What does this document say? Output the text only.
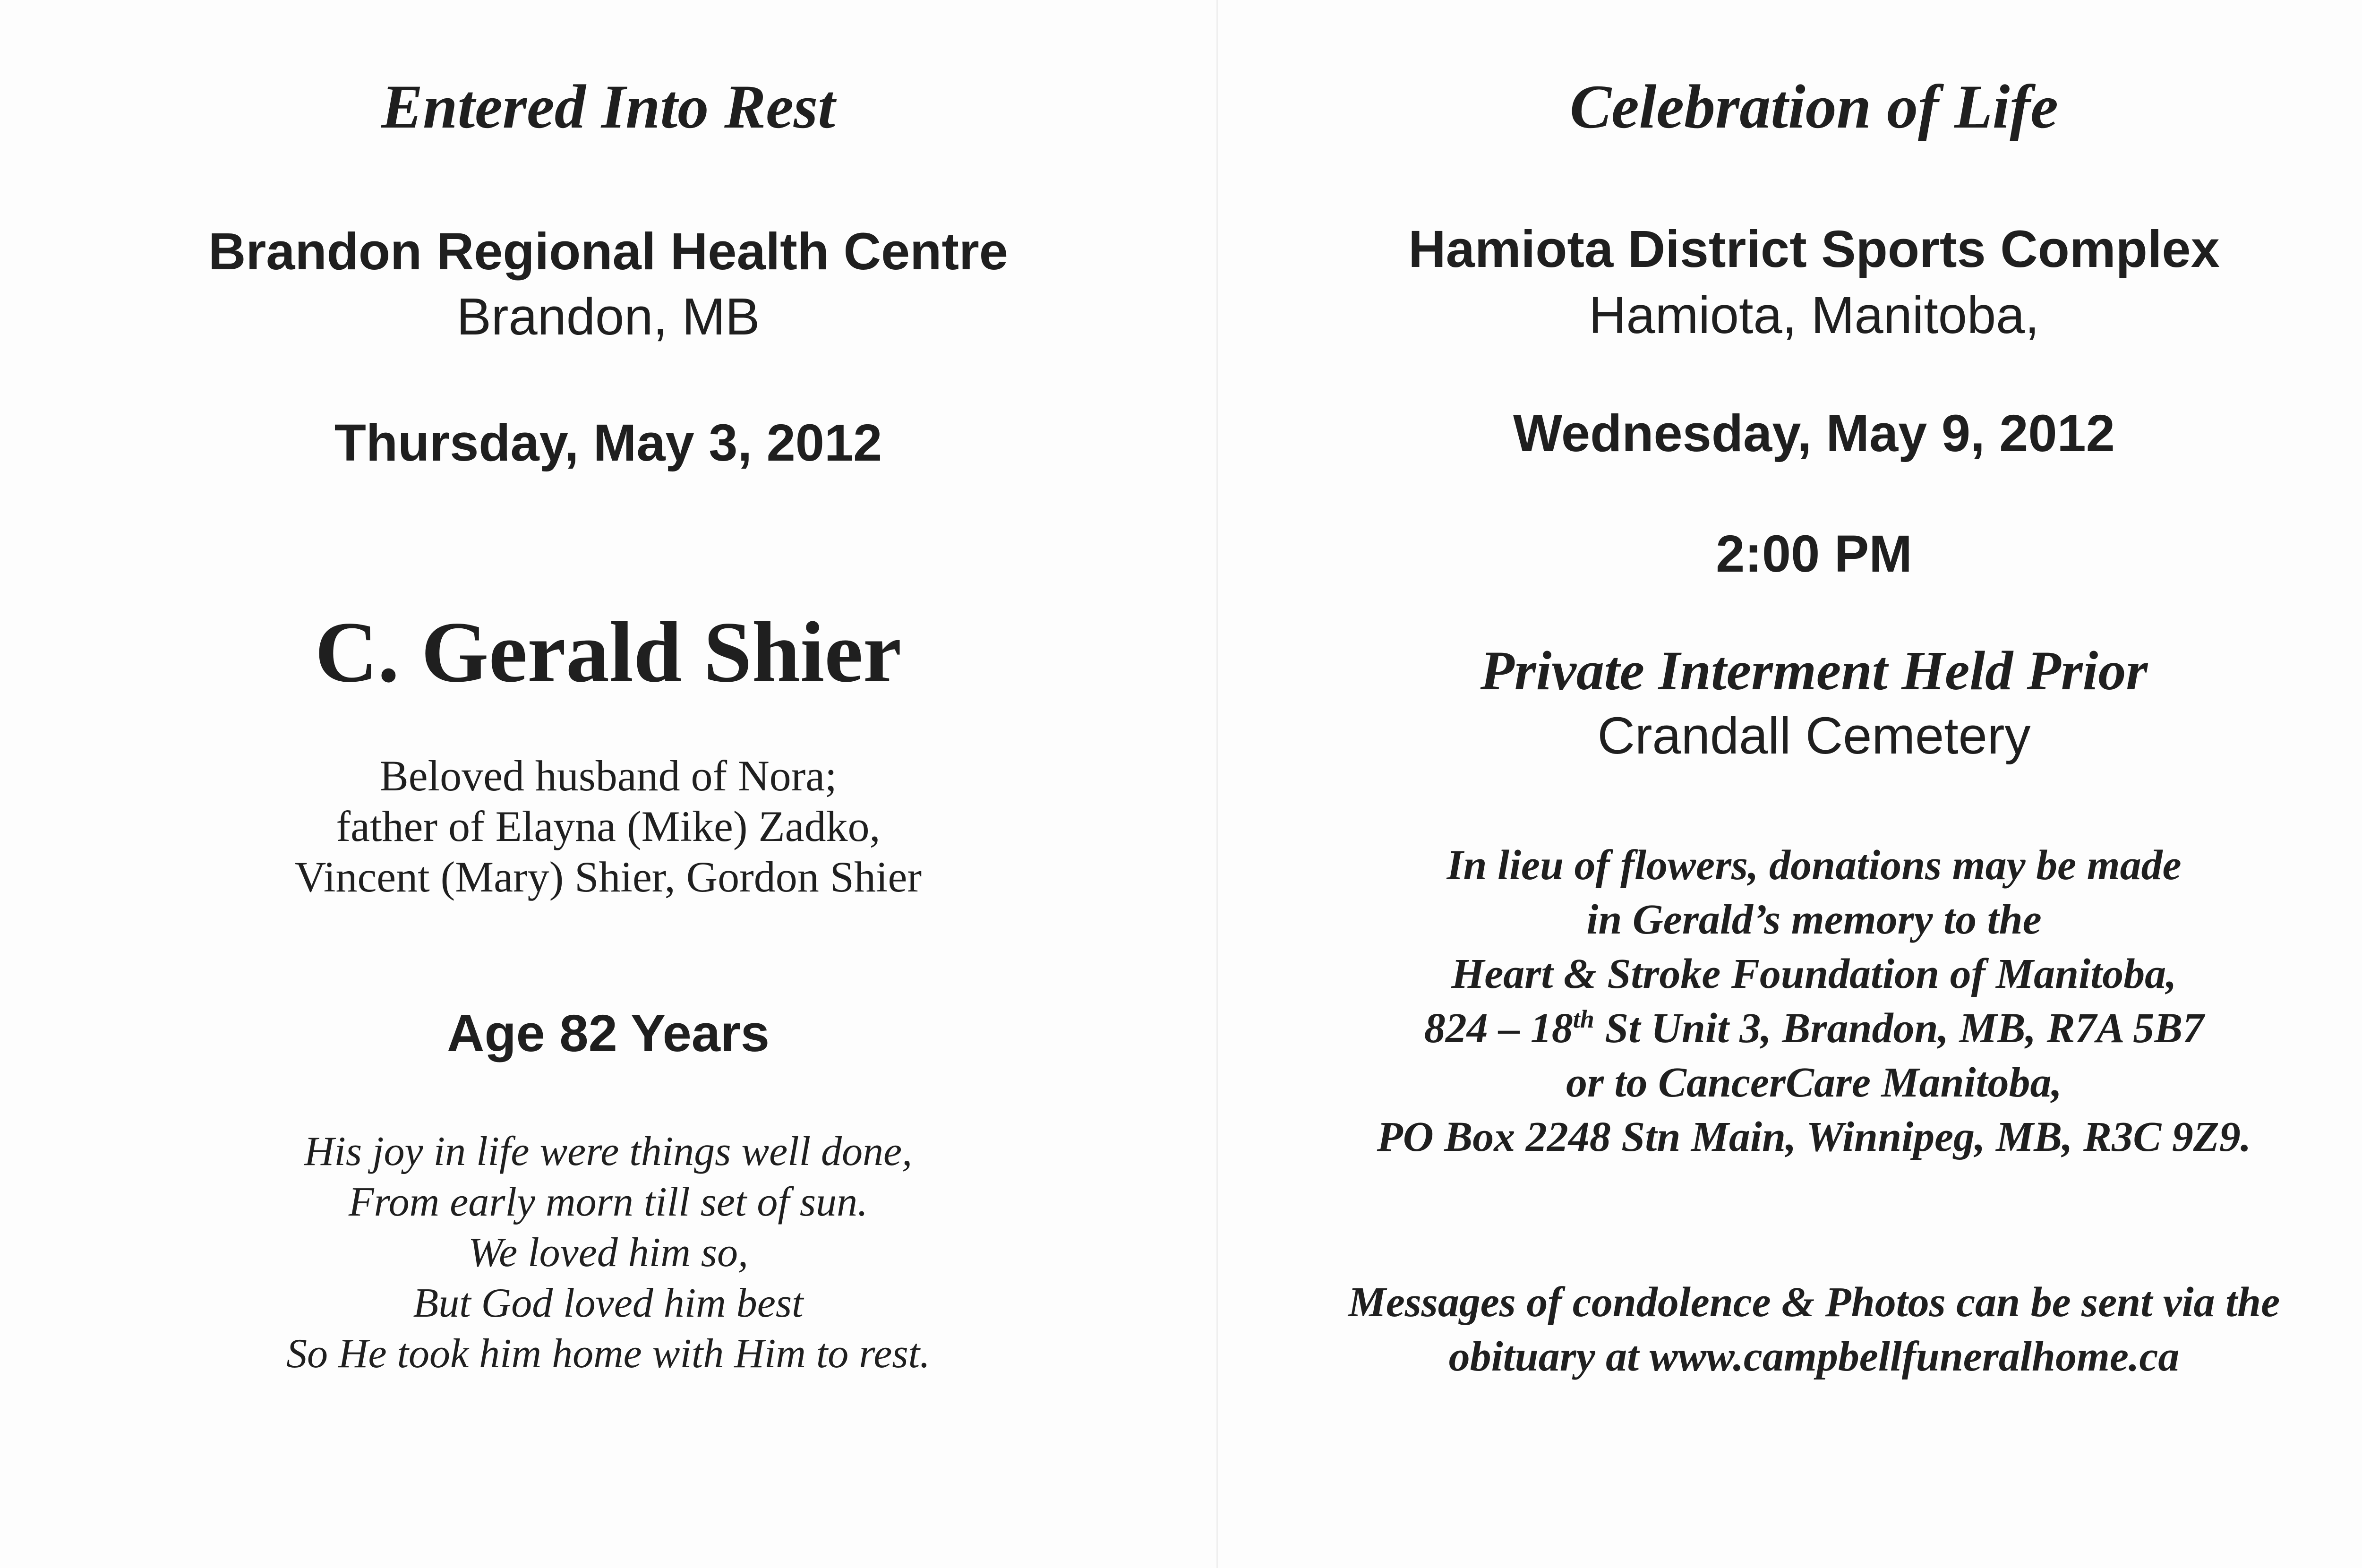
Entered Into Rest
Brandon Regional Health Centre
Brandon, MB
Thursday, May 3, 2012
C. Gerald Shier
Beloved husband of Nora;
father of Elayna (Mike) Zadko,
Vincent (Mary) Shier, Gordon Shier
Age 82 Years
His joy in life were things well done,
From early morn till set of sun.
We loved him so,
But God loved him best
So He took him home with Him to rest.
Celebration of Life
Hamiota District Sports Complex
Hamiota, Manitoba,
Wednesday, May 9, 2012
2:00 PM
Private Interment Held Prior
Crandall Cemetery
In lieu of flowers, donations may be made
in Gerald’s memory to the
Heart & Stroke Foundation of Manitoba,
824 – 18th St Unit 3, Brandon, MB, R7A 5B7
or to CancerCare Manitoba,
PO Box 2248 Stn Main, Winnipeg, MB, R3C 9Z9.
Messages of condolence & Photos can be sent via the
obituary at www.campbellfuneralhome.ca
